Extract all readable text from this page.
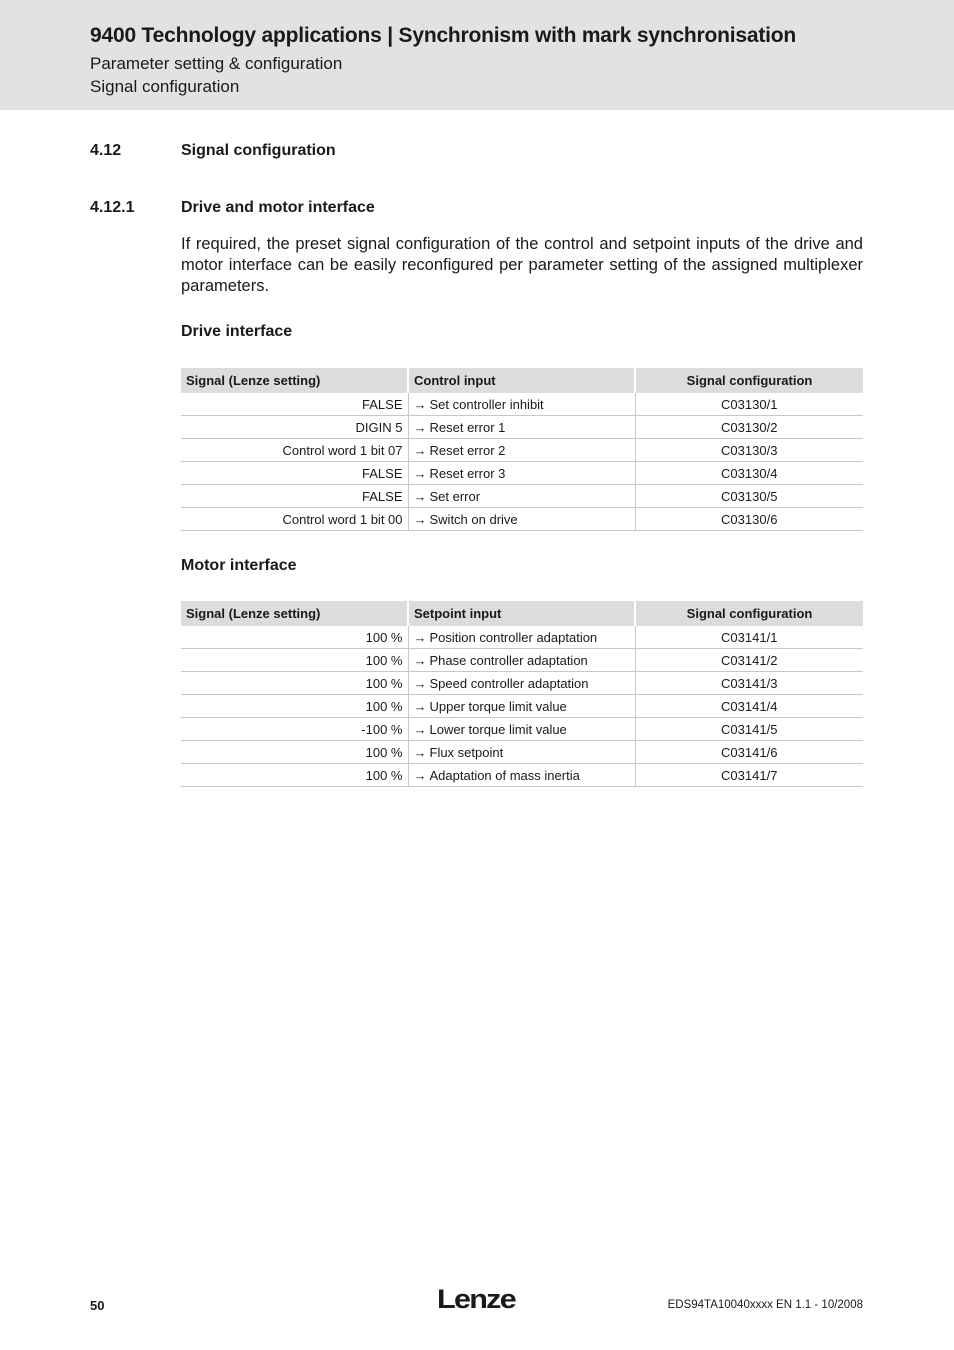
9400 Technology applications | Synchronism with mark synchronisation
Parameter setting & configuration
Signal configuration
4.12	Signal configuration
4.12.1	Drive and motor interface
If required, the preset signal configuration of the control and setpoint inputs of the drive and motor interface can be easily reconfigured per parameter setting of the assigned multiplexer parameters.
Drive interface
Signal (Lenze setting)	Control input	Signal configuration
FALSE	→ Set controller inhibit	C03130/1
DIGIN 5	→ Reset error 1	C03130/2
Control word 1 bit 07	→ Reset error 2	C03130/3
FALSE	→ Reset error 3	C03130/4
FALSE	→ Set error	C03130/5
Control word 1 bit 00	→ Switch on drive	C03130/6
Motor interface
Signal (Lenze setting)	Setpoint input	Signal configuration
100 %	→ Position controller adaptation	C03141/1
100 %	→ Phase controller adaptation	C03141/2
100 %	→ Speed controller adaptation	C03141/3
100 %	→ Upper torque limit value	C03141/4
-100 %	→ Lower torque limit value	C03141/5
100 %	→ Flux setpoint	C03141/6
100 %	→ Adaptation of mass inertia	C03141/7
50	Lenze	EDS94TA10040xxxx EN 1.1 - 10/2008
